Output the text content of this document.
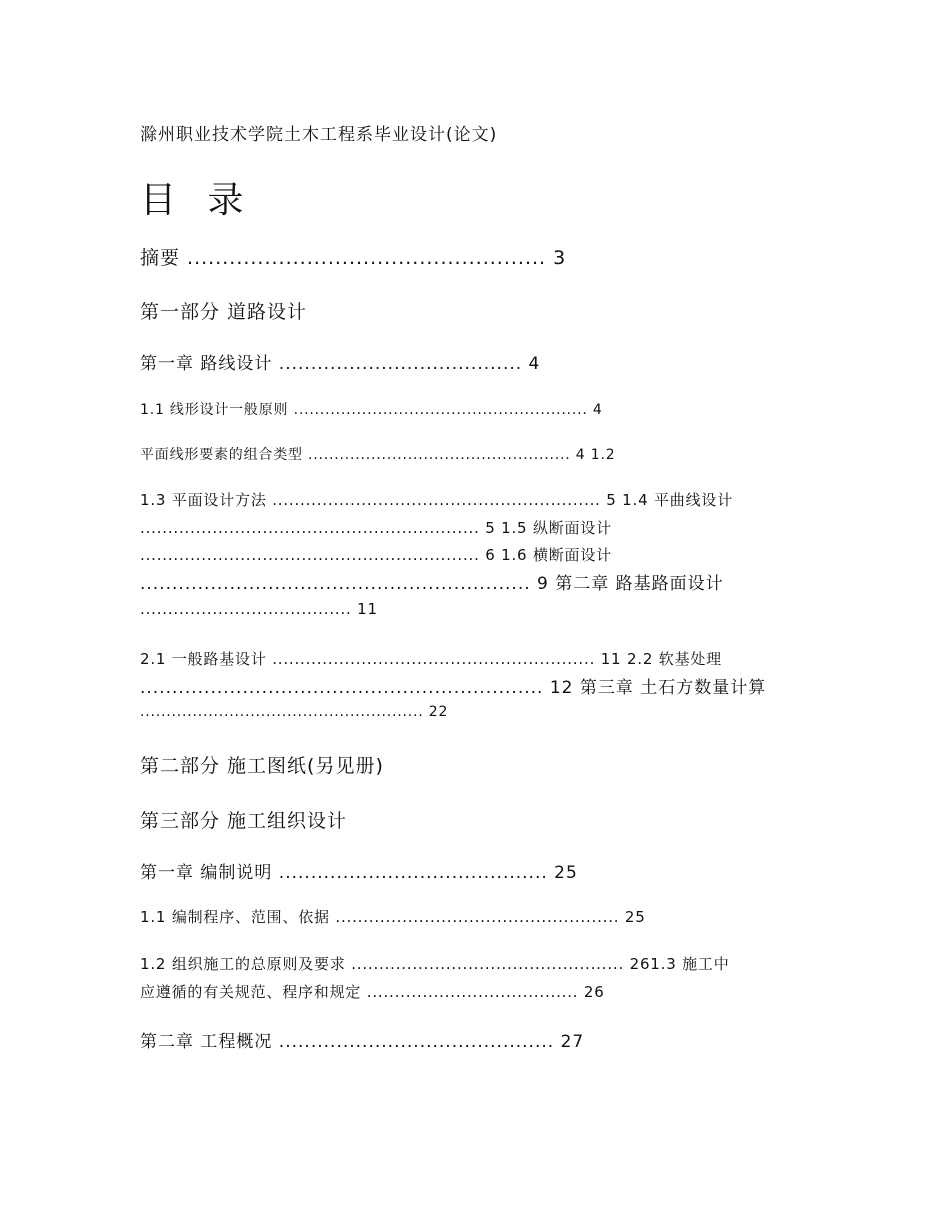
滁州职业技术学院土木工程系毕业设计(论文)
目 录
摘要 ................................................... 3
第一部分 道路设计
第一章 路线设计 ...................................... 4
1.1 线形设计一般原则 ........................................................ 4
平面线形要素的组合类型 .................................................. 4 1.2
1.3 平面设计方法 ........................................................... 5 1.4 平曲线设计
............................................................. 5 1.5 纵断面设计
............................................................. 6 1.6 横断面设计
............................................................. 9 第二章 路基路面设计
...................................... 11
2.1 一般路基设计 .......................................................... 11 2.2 软基处理
............................................................... 12 第三章 土石方数量计算
...................................................... 22
第二部分 施工图纸(另见册)
第三部分 施工组织设计
第一章 编制说明 .......................................... 25
1.1 编制程序、范围、依据 ................................................... 25
1.2 组织施工的总原则及要求 ................................................. 261.3 施工中
应遵循的有关规范、程序和规定 ...................................... 26
第二章 工程概况 ........................................... 27
